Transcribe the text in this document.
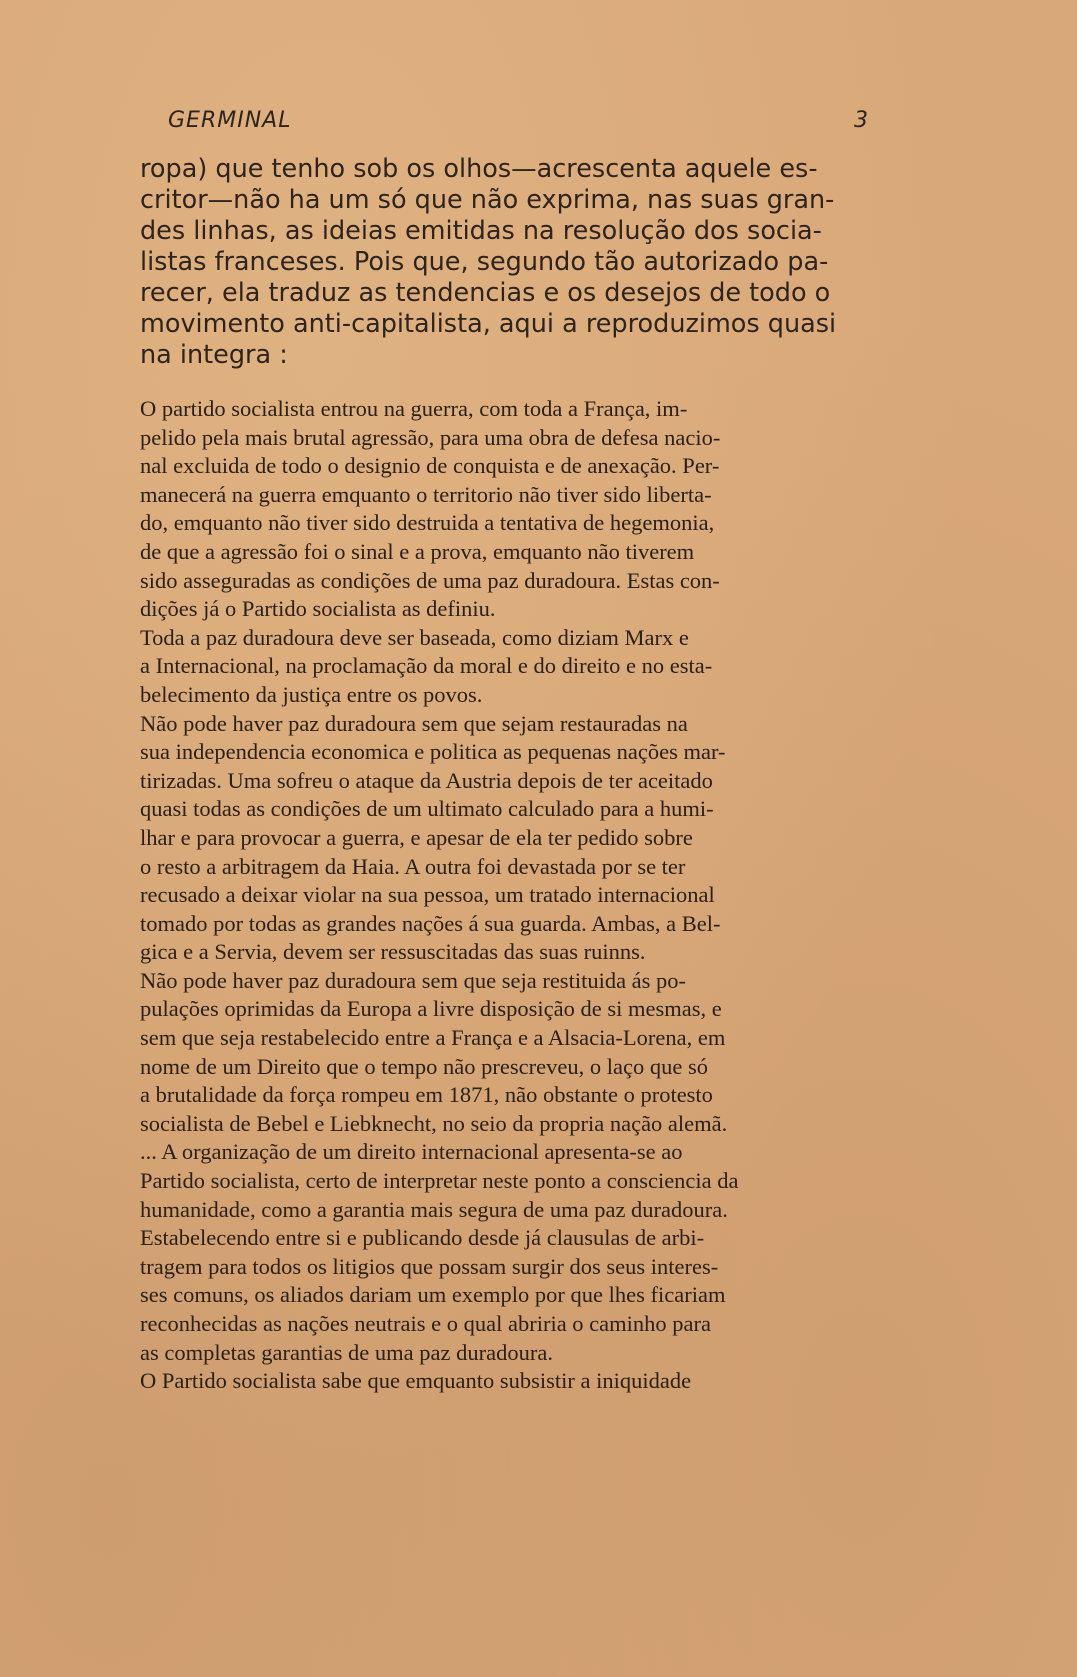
GERMINAL	3
ropa) que tenho sob os olhos—acrescenta aquele es-
critor—não ha um só que não exprima, nas suas gran-
des linhas, as ideias emitidas na resolução dos socia-
listas franceses. Pois que, segundo tão autorizado pa-
recer, ela traduz as tendencias e os desejos de todo o
movimento anti-capitalista, aqui a reproduzimos quasi
na integra :
O partido socialista entrou na guerra, com toda a França, im-
pelido pela mais brutal agressão, para uma obra de defesa nacio-
nal excluida de todo o designio de conquista e de anexação. Per-
manecerá na guerra emquanto o territorio não tiver sido liberta-
do, emquanto não tiver sido destruida a tentativa de hegemonia,
de que a agressão foi o sinal e a prova, emquanto não tiverem
sido asseguradas as condições de uma paz duradoura. Estas con-
dições já o Partido socialista as definiu.
Toda a paz duradoura deve ser baseada, como diziam Marx e
a Internacional, na proclamação da moral e do direito e no esta-
belecimento da justiça entre os povos.
Não pode haver paz duradoura sem que sejam restauradas na
sua independencia economica e politica as pequenas nações mar-
tirizadas. Uma sofreu o ataque da Austria depois de ter aceitado
quasi todas as condições de um ultimato calculado para a humi-
lhar e para provocar a guerra, e apesar de ela ter pedido sobre
o resto a arbitragem da Haia. A outra foi devastada por se ter
recusado a deixar violar na sua pessoa, um tratado internacional
tomado por todas as grandes nações á sua guarda. Ambas, a Bel-
gica e a Servia, devem ser ressuscitadas das suas ruinns.
Não pode haver paz duradoura sem que seja restituida ás po-
pulações oprimidas da Europa a livre disposição de si mesmas, e
sem que seja restabelecido entre a França e a Alsacia-Lorena, em
nome de um Direito que o tempo não prescreveu, o laço que só
a brutalidade da força rompeu em 1871, não obstante o protesto
socialista de Bebel e Liebknecht, no seio da propria nação alemã.
... A organização de um direito internacional apresenta-se ao
Partido socialista, certo de interpretar neste ponto a consciencia da
humanidade, como a garantia mais segura de uma paz duradoura.
Estabelecendo entre si e publicando desde já clausulas de arbi-
tragem para todos os litigios que possam surgir dos seus interes-
ses comuns, os aliados dariam um exemplo por que lhes ficariam
reconhecidas as nações neutrais e o qual abriria o caminho para
as completas garantias de uma paz duradoura.
O Partido socialista sabe que emquanto subsistir a iniquidade
